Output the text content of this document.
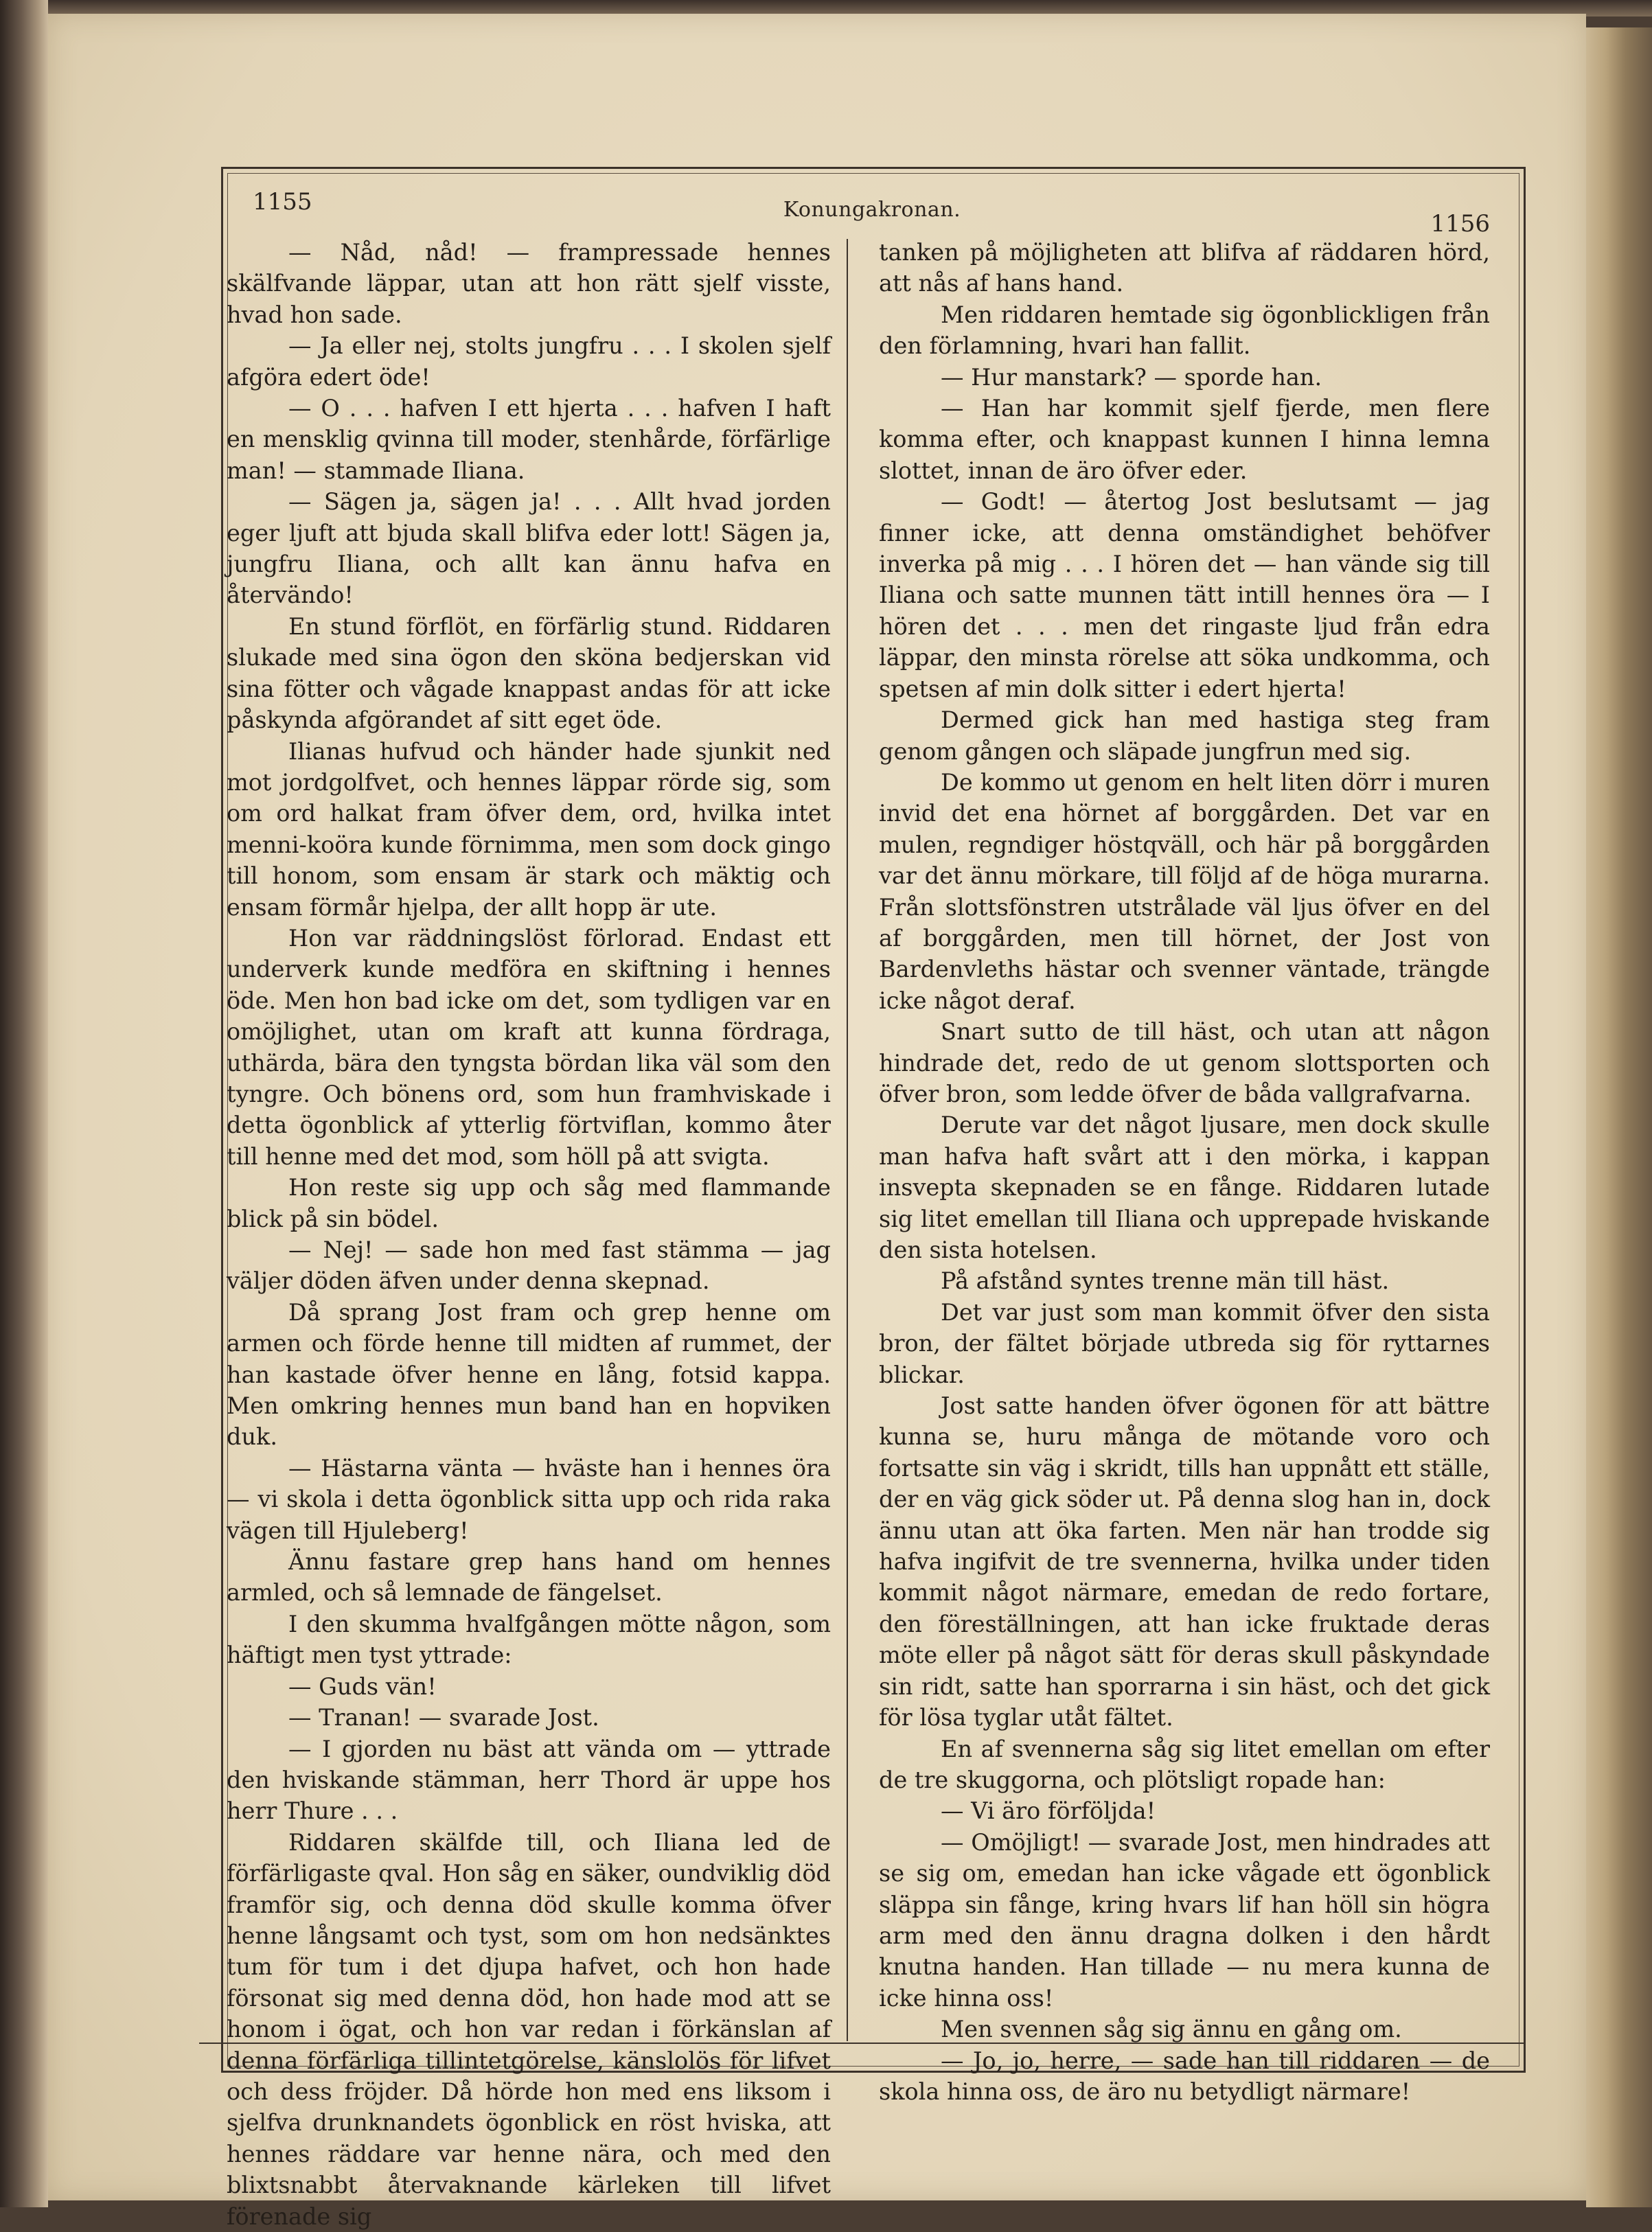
1155	Konungakronan.
1156

— Nåd, nåd! — frampressade hennes skälfvande läppar, utan att hon rätt sjelf visste, hvad hon sade.

— Ja eller nej, stolts jungfru . . . I skolen sjelf afgöra edert öde!

— O . . . hafven I ett hjerta . . . hafven I haft en mensklig qvinna till moder, stenhårde, förfärlige man! — stammade Iliana.

— Sägen ja, sägen ja! . . . Allt hvad jorden eger ljuft att bjuda skall blifva eder lott! Sägen ja, jungfru Iliana, och allt kan ännu hafva en återvändo!

En stund förflöt, en förfärlig stund. Riddaren slukade med sina ögon den sköna bedjerskan vid sina fötter och vågade knappast andas för att icke påskynda afgörandet af sitt eget öde.

Ilianas hufvud och händer hade sjunkit ned mot jordgolfvet, och hennes läppar rörde sig, som om ord halkat fram öfver dem, ord, hvilka intet menni-koöra kunde förnimma, men som dock gingo till honom, som ensam är stark och mäktig och ensam förmår hjelpa, der allt hopp är ute.

Hon var räddningslöst förlorad. Endast ett underverk kunde medföra en skiftning i hennes öde. Men hon bad icke om det, som tydligen var en omöjlighet, utan om kraft att kunna fördraga, uthärda, bära den tyngsta bördan lika väl som den tyngre. Och bönens ord, som hun framhviskade i detta ögonblick af ytterlig förtviflan, kommo åter till henne med det mod, som höll på att svigta.

Hon reste sig upp och såg med flammande blick på sin bödel.

— Nej! — sade hon med fast stämma — jag väljer döden äfven under denna skepnad.

Då sprang Jost fram och grep henne om armen och förde henne till midten af rummet, der han kastade öfver henne en lång, fotsid kappa. Men omkring hennes mun band han en hopviken duk.

— Hästarna vänta — hväste han i hennes öra — vi skola i detta ögonblick sitta upp och rida raka vägen till Hjuleberg!

Ännu fastare grep hans hand om hennes armled, och så lemnade de fängelset.

I den skumma hvalfgången mötte någon, som häftigt men tyst yttrade:

— Guds vän!

— Tranan! — svarade Jost.

— I gjorden nu bäst att vända om — yttrade den hviskande stämman, herr Thord är uppe hos herr Thure . . .

Riddaren skälfde till, och Iliana led de förfärligaste qval. Hon såg en säker, oundviklig död framför sig, och denna död skulle komma öfver henne långsamt och tyst, som om hon nedsänktes tum för tum i det djupa hafvet, och hon hade försonat sig med denna död, hon hade mod att se honom i ögat, och hon var redan i förkänslan af denna förfärliga tillintetgörelse, känslolös för lifvet och dess fröjder. Då hörde hon med ens liksom i sjelfva drunknandets ögonblick en röst hviska, att hennes räddare var henne nära, och med den blixtsnabbt återvaknande kärleken till lifvet förenade sig

tanken på möjligheten att blifva af räddaren hörd, att nås af hans hand.

Men riddaren hemtade sig ögonblickligen från den förlamning, hvari han fallit.

— Hur manstark? — sporde han.

— Han har kommit sjelf fjerde, men flere komma efter, och knappast kunnen I hinna lemna slottet, innan de äro öfver eder.

— Godt! — återtog Jost beslutsamt — jag finner icke, att denna omständighet behöfver inverka på mig . . . I hören det — han vände sig till Iliana och satte munnen tätt intill hennes öra — I hören det . . . men det ringaste ljud från edra läppar, den minsta rörelse att söka undkomma, och spetsen af min dolk sitter i edert hjerta!

Dermed gick han med hastiga steg fram genom gången och släpade jungfrun med sig.

De kommo ut genom en helt liten dörr i muren invid det ena hörnet af borggården. Det var en mulen, regndiger höstqväll, och här på borggården var det ännu mörkare, till följd af de höga murarna. Från slottsfönstren utstrålade väl ljus öfver en del af borggården, men till hörnet, der Jost von Bardenvleths hästar och svenner väntade, trängde icke något deraf.

Snart sutto de till häst, och utan att någon hindrade det, redo de ut genom slottsporten och öfver bron, som ledde öfver de båda vallgrafvarna.

Derute var det något ljusare, men dock skulle man hafva haft svårt att i den mörka, i kappan insvepta skepnaden se en fånge. Riddaren lutade sig litet emellan till Iliana och upprepade hviskande den sista hotelsen.

På afstånd syntes trenne män till häst.

Det var just som man kommit öfver den sista bron, der fältet började utbreda sig för ryttarnes blickar.

Jost satte handen öfver ögonen för att bättre kunna se, huru många de mötande voro och fortsatte sin väg i skridt, tills han uppnått ett ställe, der en väg gick söder ut. På denna slog han in, dock ännu utan att öka farten. Men när han trodde sig hafva ingifvit de tre svennerna, hvilka under tiden kommit något närmare, emedan de redo fortare, den föreställningen, att han icke fruktade deras möte eller på något sätt för deras skull påskyndade sin ridt, satte han sporrarna i sin häst, och det gick för lösa tyglar utåt fältet.

En af svennerna såg sig litet emellan om efter de tre skuggorna, och plötsligt ropade han:

— Vi äro förföljda!

— Omöjligt! — svarade Jost, men hindrades att se sig om, emedan han icke vågade ett ögonblick släppa sin fånge, kring hvars lif han höll sin högra arm med den ännu dragna dolken i den hårdt knutna handen. Han tillade — nu mera kunna de icke hinna oss!

Men svennen såg sig ännu en gång om.

— Jo, jo, herre, — sade han till riddaren — de skola hinna oss, de äro nu betydligt närmare!
